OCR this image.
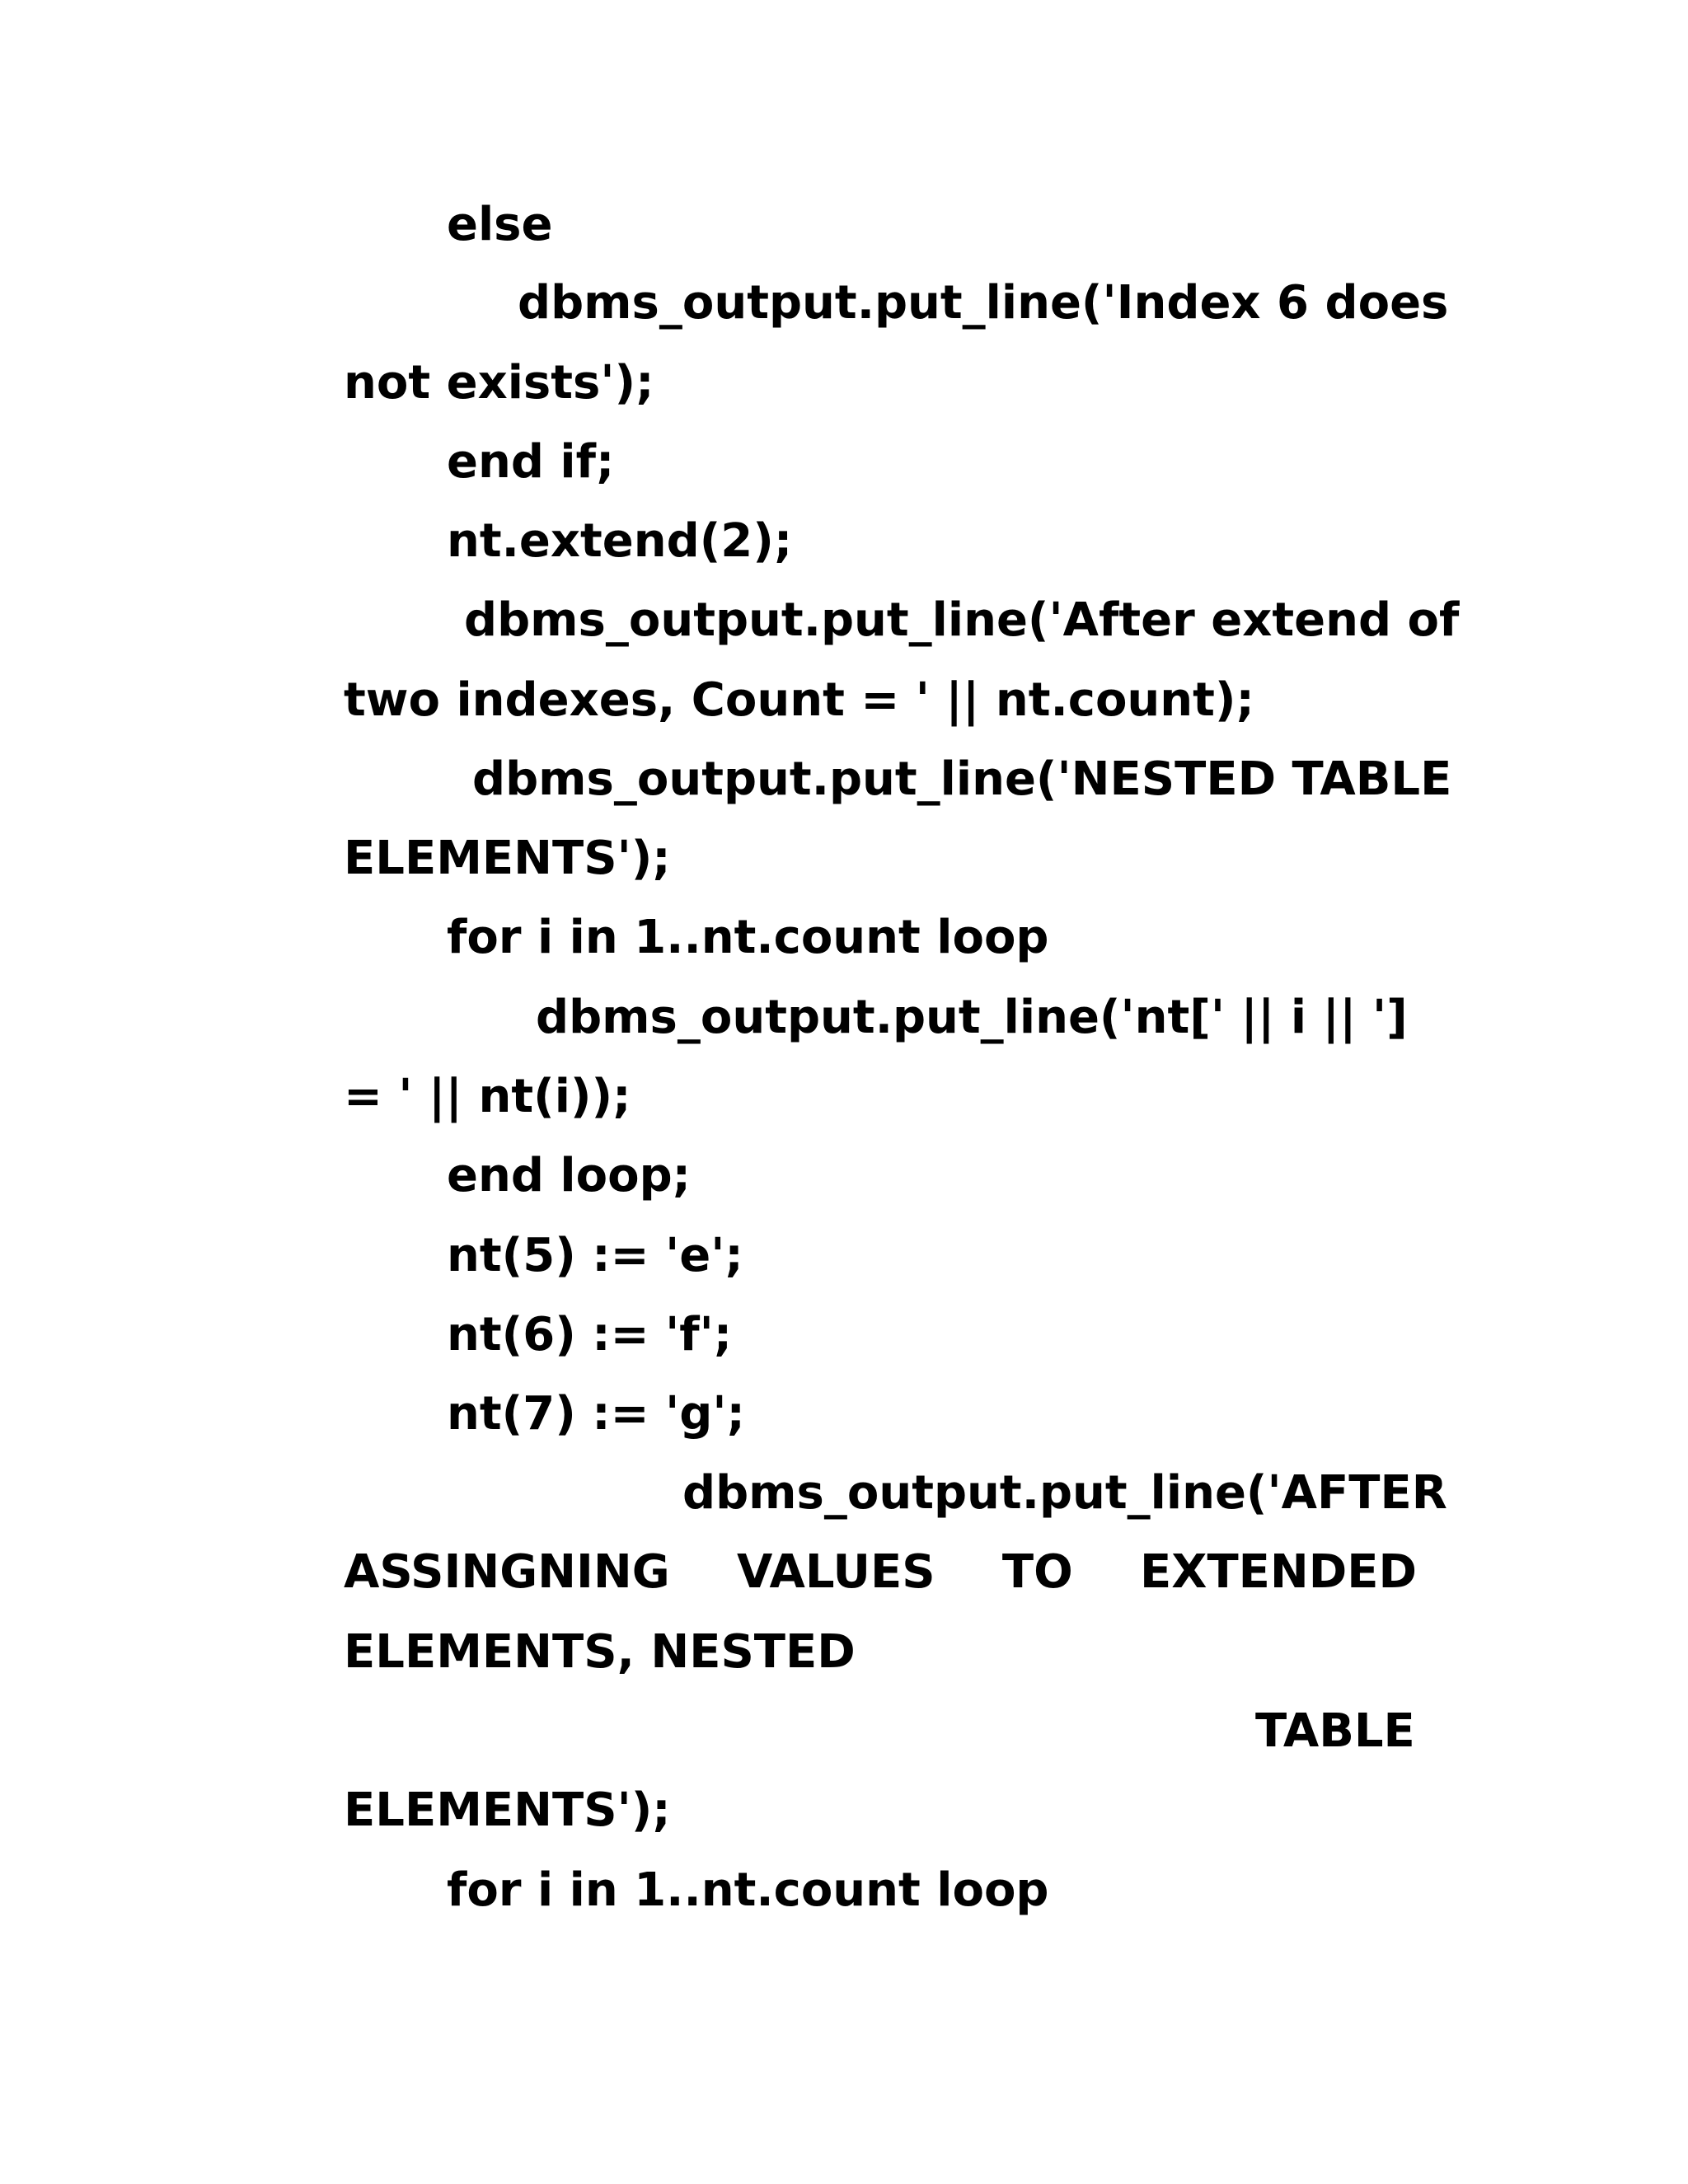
else
dbms_output.put_line('Index 6 does
not exists');
end if;
nt.extend(2);
dbms_output.put_line('After extend of
two indexes, Count = ' || nt.count);
dbms_output.put_line('NESTED TABLE
ELEMENTS');
for i in 1..nt.count loop
dbms_output.put_line('nt[' || i || ']
= ' || nt(i));
end loop;
nt(5) := 'e';
nt(6) := 'f';
nt(7) := 'g';
dbms_output.put_line('AFTER
ASSINGNING VALUES TO EXTENDED
ELEMENTS, NESTED
TABLE
ELEMENTS');
for i in 1..nt.count loop
